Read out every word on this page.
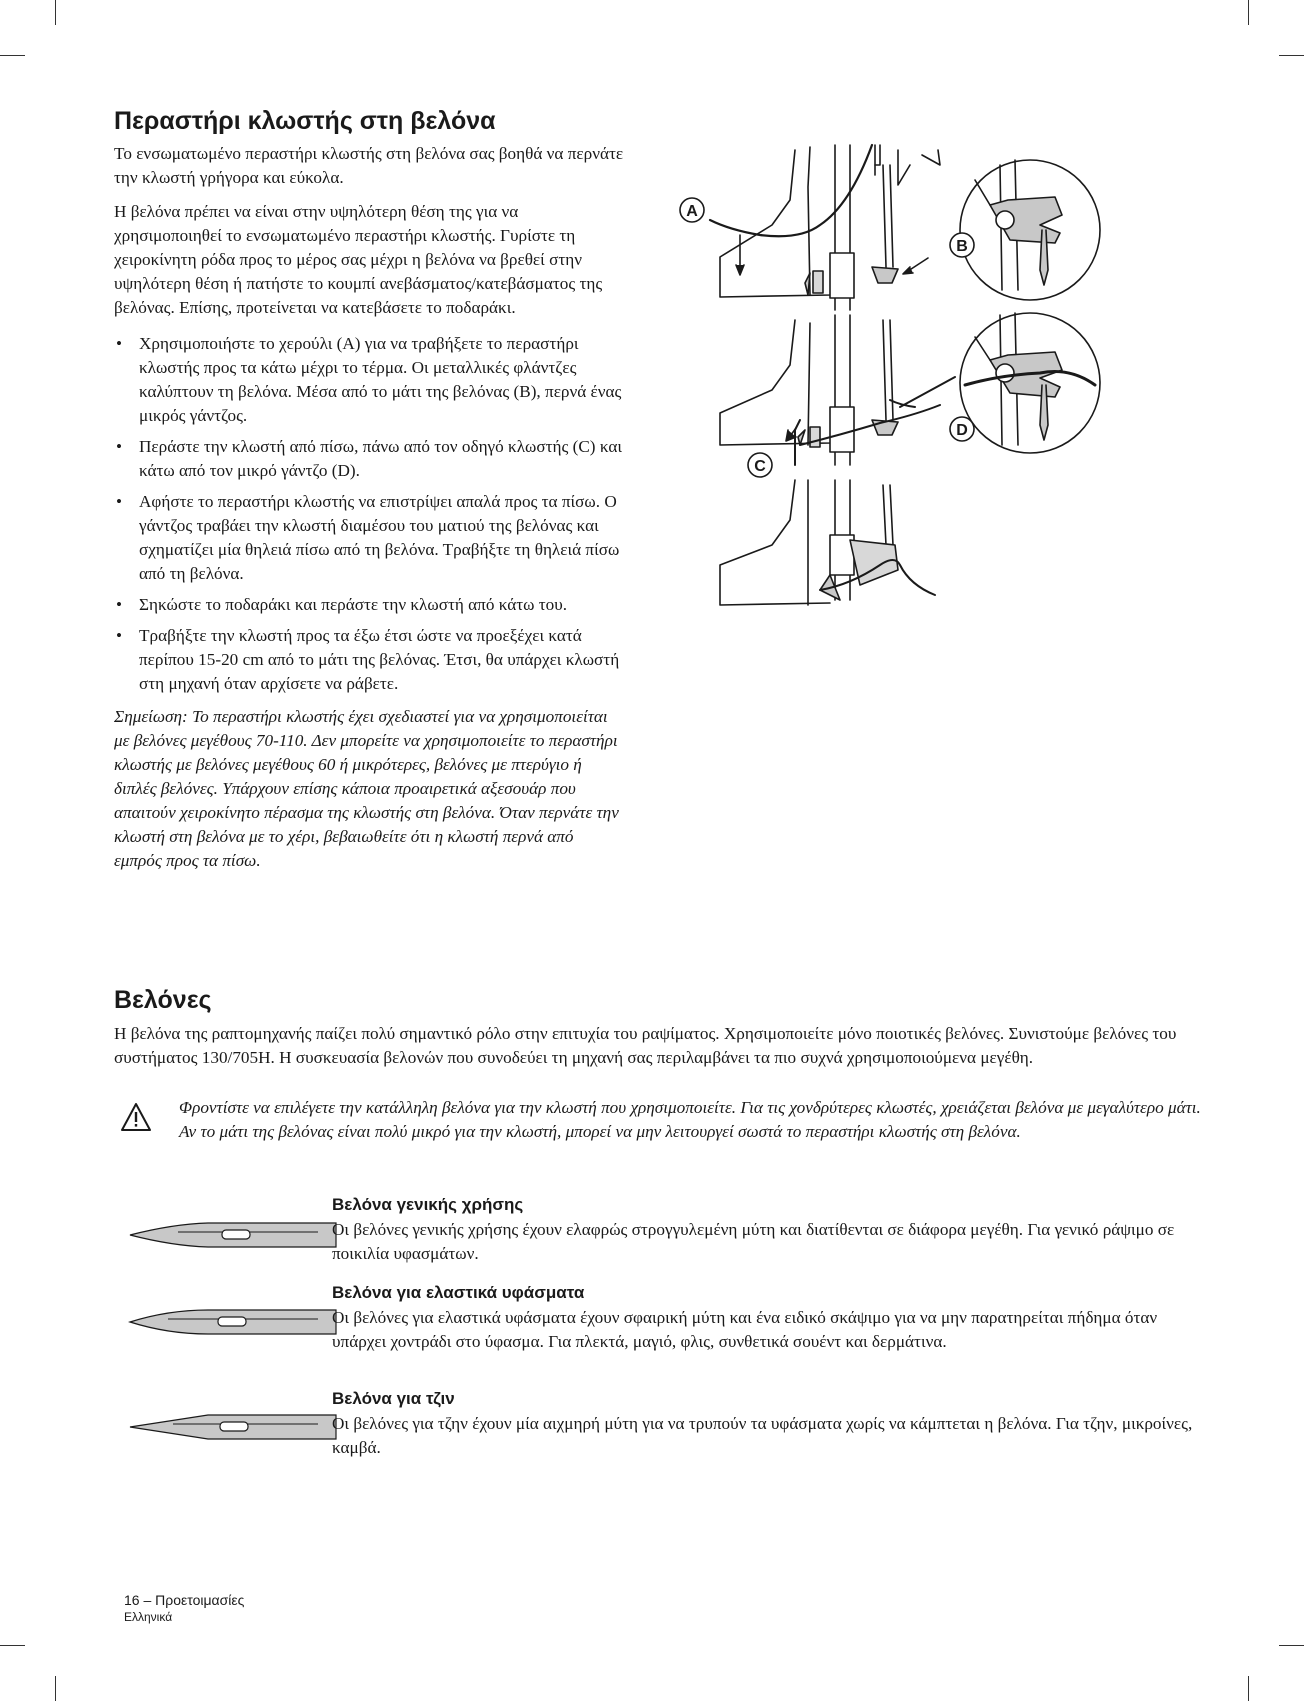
Περαστήρι κλωστής στη βελόνα

Το ενσωματωμένο περαστήρι κλωστής στη βελόνα σας βοηθά να περνάτε την κλωστή γρήγορα και εύκολα.

Η βελόνα πρέπει να είναι στην υψηλότερη θέση της για να χρησιμοποιηθεί το ενσωματωμένο περαστήρι κλωστής. Γυρίστε τη χειροκίνητη ρόδα προς το μέρος σας μέχρι η βελόνα να βρεθεί στην υψηλότερη θέση ή πατήστε το κουμπί ανεβάσματος/κατεβάσματος της βελόνας. Επίσης, προτείνεται να κατεβάσετε το ποδαράκι.

• Χρησιμοποιήστε το χερούλι (A) για να τραβήξετε το περαστήρι κλωστής προς τα κάτω μέχρι το τέρμα. Οι μεταλλικές φλάντζες καλύπτουν τη βελόνα. Μέσα από το μάτι της βελόνας (B), περνά ένας μικρός γάντζος.
• Περάστε την κλωστή από πίσω, πάνω από τον οδηγό κλωστής (C) και κάτω από τον μικρό γάντζο (D).
• Αφήστε το περαστήρι κλωστής να επιστρίψει απαλά προς τα πίσω. Ο γάντζος τραβάει την κλωστή διαμέσου του ματιού της βελόνας και σχηματίζει μία θηλειά πίσω από τη βελόνα. Τραβήξτε τη θηλειά πίσω από τη βελόνα.
• Σηκώστε το ποδαράκι και περάστε την κλωστή από κάτω του.
• Τραβήξτε την κλωστή προς τα έξω έτσι ώστε να προεξέχει κατά περίπου 15-20 cm από το μάτι της βελόνας. Έτσι, θα υπάρχει κλωστή στη μηχανή όταν αρχίσετε να ράβετε.

Σημείωση: Το περαστήρι κλωστής έχει σχεδιαστεί για να χρησιμοποιείται με βελόνες μεγέθους 70-110. Δεν μπορείτε να χρησιμοποιείτε το περαστήρι κλωστής με βελόνες μεγέθους 60 ή μικρότερες, βελόνες με πτερύγιο ή διπλές βελόνες. Υπάρχουν επίσης κάποια προαιρετικά αξεσουάρ που απαιτούν χειροκίνητο πέρασμα της κλωστής στη βελόνα. Όταν περνάτε την κλωστή στη βελόνα με το χέρι, βεβαιωθείτε ότι η κλωστή περνά από εμπρός προς τα πίσω.

A
B
C
D
Βελόνες

Η βελόνα της ραπτομηχανής παίζει πολύ σημαντικό ρόλο στην επιτυχία του ραψίματος. Χρησιμοποιείτε μόνο ποιοτικές βελόνες. Συνιστούμε βελόνες του συστήματος 130/705H. Η συσκευασία βελονών που συνοδεύει τη μηχανή σας περιλαμβάνει τα πιο συχνά χρησιμοποιούμενα μεγέθη.

Φροντίστε να επιλέγετε την κατάλληλη βελόνα για την κλωστή που χρησιμοποιείτε. Για τις χονδρύτερες κλωστές, χρειάζεται βελόνα με μεγαλύτερο μάτι. Αν το μάτι της βελόνας είναι πολύ μικρό για την κλωστή, μπορεί να μην λειτουργεί σωστά το περαστήρι κλωστής στη βελόνα.

Βελόνα γενικής χρήσης

Οι βελόνες γενικής χρήσης έχουν ελαφρώς στρογγυλεμένη μύτη και διατίθενται σε διάφορα μεγέθη. Για γενικό ράψιμο σε ποικιλία υφασμάτων.

Βελόνα για ελαστικά υφάσματα

Οι βελόνες για ελαστικά υφάσματα έχουν σφαιρική μύτη και ένα ειδικό σκάψιμο για να μην παρατηρείται πήδημα όταν υπάρχει χοντράδι στο ύφασμα. Για πλεκτά, μαγιό, φλις, συνθετικά σουέντ και δερμάτινα.

Βελόνα για τζιν

Οι βελόνες για τζην έχουν μία αιχμηρή μύτη για να τρυπούν τα υφάσματα χωρίς να κάμπτεται η βελόνα. Για τζην, μικροίνες, καμβά.

16 – Προετοιμασίες
Ελληνικά
